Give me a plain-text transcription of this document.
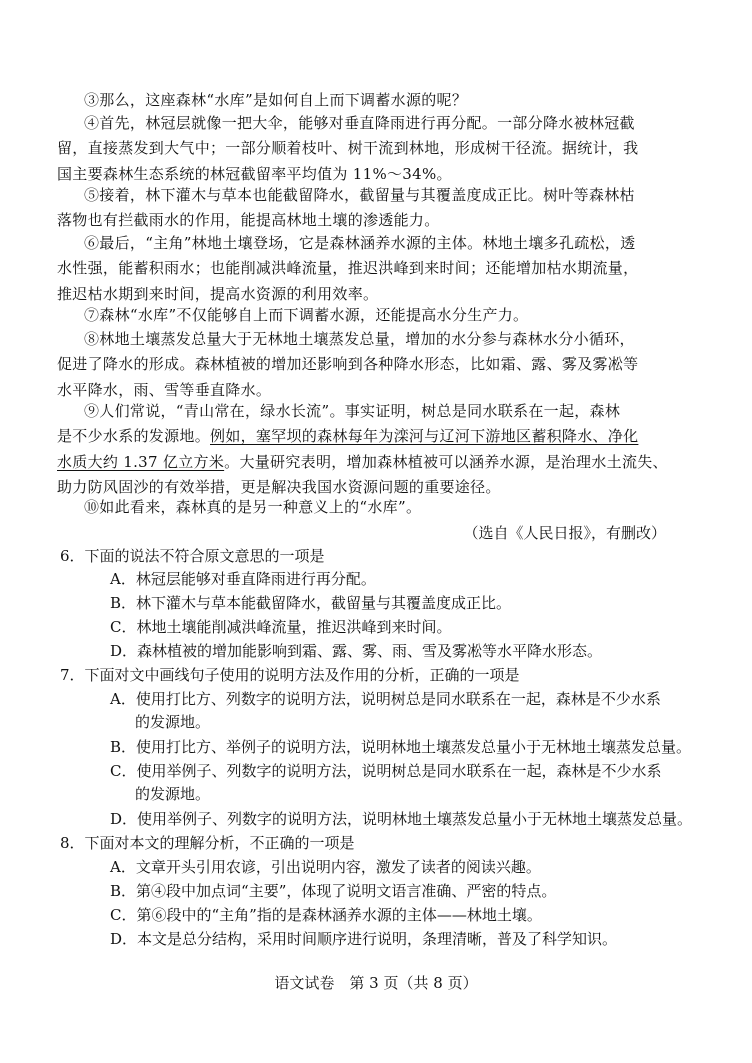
③那么，这座森林“水库”是如何自上而下调蓄水源的呢？
④首先，林冠层就像一把大伞，能够对垂直降雨进行再分配。一部分降水被林冠截
留，直接蒸发到大气中；一部分顺着枝叶、树干流到林地，形成树干径流。据统计，我
国主要森林生态系统的林冠截留率平均值为 11%～34%。
⑤接着，林下灌木与草本也能截留降水，截留量与其覆盖度成正比。树叶等森林枯
落物也有拦截雨水的作用，能提高林地土壤的渗透能力。
⑥最后，“主角”林地土壤登场，它是森林涵养水源的主体。林地土壤多孔疏松，透
水性强，能蓄积雨水；也能削减洪峰流量，推迟洪峰到来时间；还能增加枯水期流量，
推迟枯水期到来时间，提高水资源的利用效率。
⑦森林“水库”不仅能够自上而下调蓄水源，还能提高水分生产力。
⑧林地土壤蒸发总量大于无林地土壤蒸发总量，增加的水分参与森林水分小循环，
促进了降水的形成。森林植被的增加还影响到各种降水形态，比如霜、露、雾及雾凇等
水平降水，雨、雪等垂直降水。
⑨人们常说，“青山常在，绿水长流”。事实证明，树总是同水联系在一起，森林
是不少水系的发源地。例如，塞罕坝的森林每年为滦河与辽河下游地区蓄积降水、净化
水质大约 1.37 亿立方米。大量研究表明，增加森林植被可以涵养水源，是治理水土流失、
助力防风固沙的有效举措，更是解决我国水资源问题的重要途径。
⑩如此看来，森林真的是另一种意义上的“水库”。
（选自《人民日报》，有删改）
6．下面的说法不符合原文意思的一项是
A．林冠层能够对垂直降雨进行再分配。
B．林下灌木与草本能截留降水，截留量与其覆盖度成正比。
C．林地土壤能削减洪峰流量，推迟洪峰到来时间。
D．森林植被的增加能影响到霜、露、雾、雨、雪及雾凇等水平降水形态。
7．下面对文中画线句子使用的说明方法及作用的分析，正确的一项是
A．使用打比方、列数字的说明方法，说明树总是同水联系在一起，森林是不少水系
的发源地。
B．使用打比方、举例子的说明方法，说明林地土壤蒸发总量小于无林地土壤蒸发总量。
C．使用举例子、列数字的说明方法，说明树总是同水联系在一起，森林是不少水系
的发源地。
D．使用举例子、列数字的说明方法，说明林地土壤蒸发总量小于无林地土壤蒸发总量。
8．下面对本文的理解分析，不正确的一项是
A．文章开头引用农谚，引出说明内容，激发了读者的阅读兴趣。
B．第④段中加点词“主要”，体现了说明文语言准确、严密的特点。
C．第⑥段中的“主角”指的是森林涵养水源的主体——林地土壤。
D．本文是总分结构，采用时间顺序进行说明，条理清晰，普及了科学知识。
语文试卷　第 3 页（共 8 页）
